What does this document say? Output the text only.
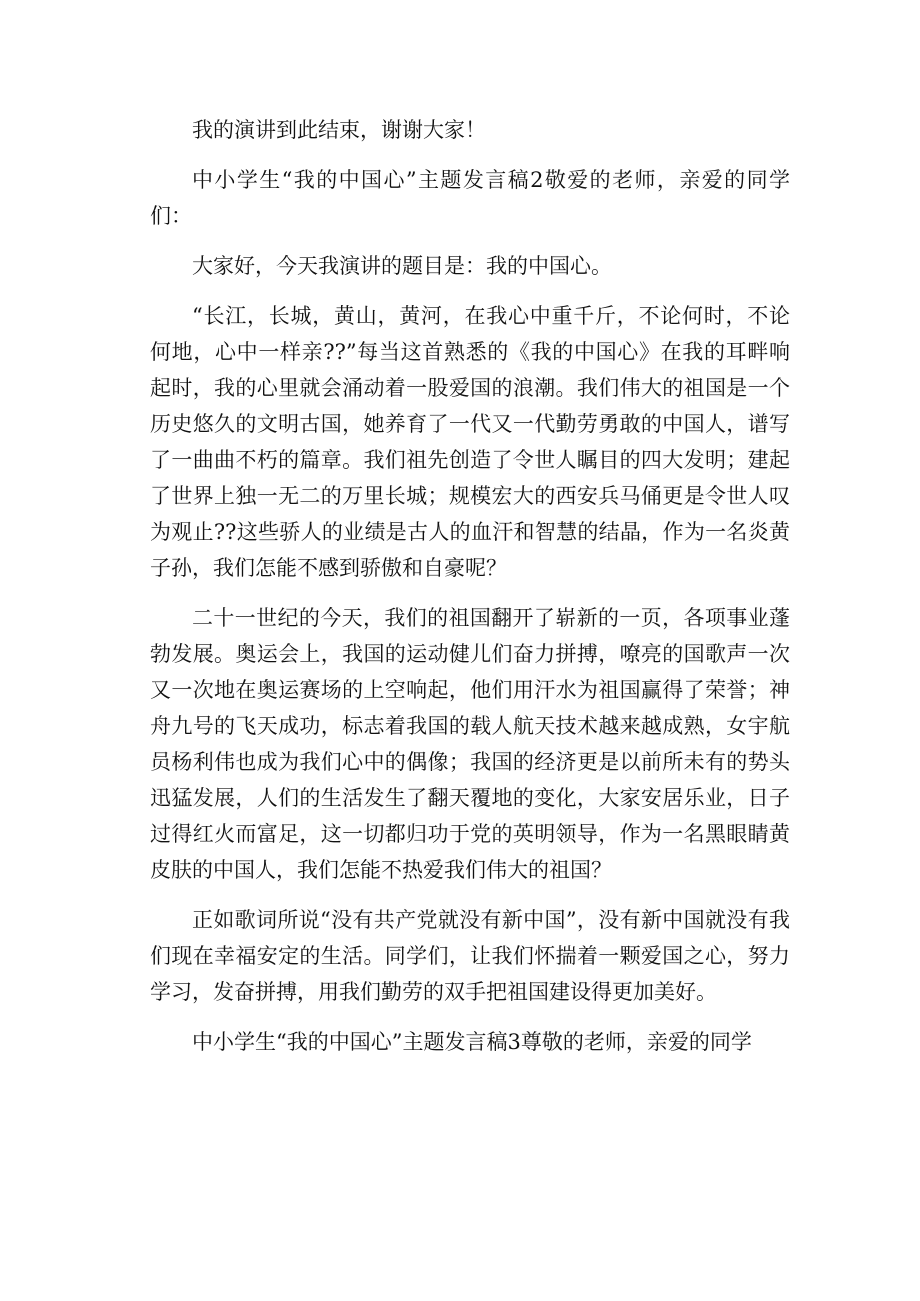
我的演讲到此结束，谢谢大家！

中小学生“我的中国心”主题发言稿2敬爱的老师，亲爱的同学们：

大家好，今天我演讲的题目是：我的中国心。

“长江，长城，黄山，黄河，在我心中重千斤，不论何时，不论何地，心中一样亲??”每当这首熟悉的《我的中国心》在我的耳畔响起时，我的心里就会涌动着一股爱国的浪潮。我们伟大的祖国是一个历史悠久的文明古国，她养育了一代又一代勤劳勇敢的中国人，谱写了一曲曲不朽的篇章。我们祖先创造了令世人瞩目的四大发明；建起了世界上独一无二的万里长城；规模宏大的西安兵马俑更是令世人叹为观止??这些骄人的业绩是古人的血汗和智慧的结晶，作为一名炎黄子孙，我们怎能不感到骄傲和自豪呢？

二十一世纪的今天，我们的祖国翻开了崭新的一页，各项事业蓬勃发展。奥运会上，我国的运动健儿们奋力拼搏，嘹亮的国歌声一次又一次地在奥运赛场的上空响起，他们用汗水为祖国赢得了荣誉；神舟九号的飞天成功，标志着我国的载人航天技术越来越成熟，女宇航员杨利伟也成为我们心中的偶像；我国的经济更是以前所未有的势头迅猛发展，人们的生活发生了翻天覆地的变化，大家安居乐业，日子过得红火而富足，这一切都归功于党的英明领导，作为一名黑眼睛黄皮肤的中国人，我们怎能不热爱我们伟大的祖国？

正如歌词所说“没有共产党就没有新中国”，没有新中国就没有我们现在幸福安定的生活。同学们，让我们怀揣着一颗爱国之心，努力学习，发奋拼搏，用我们勤劳的双手把祖国建设得更加美好。

中小学生“我的中国心”主题发言稿3尊敬的老师，亲爱的同学
